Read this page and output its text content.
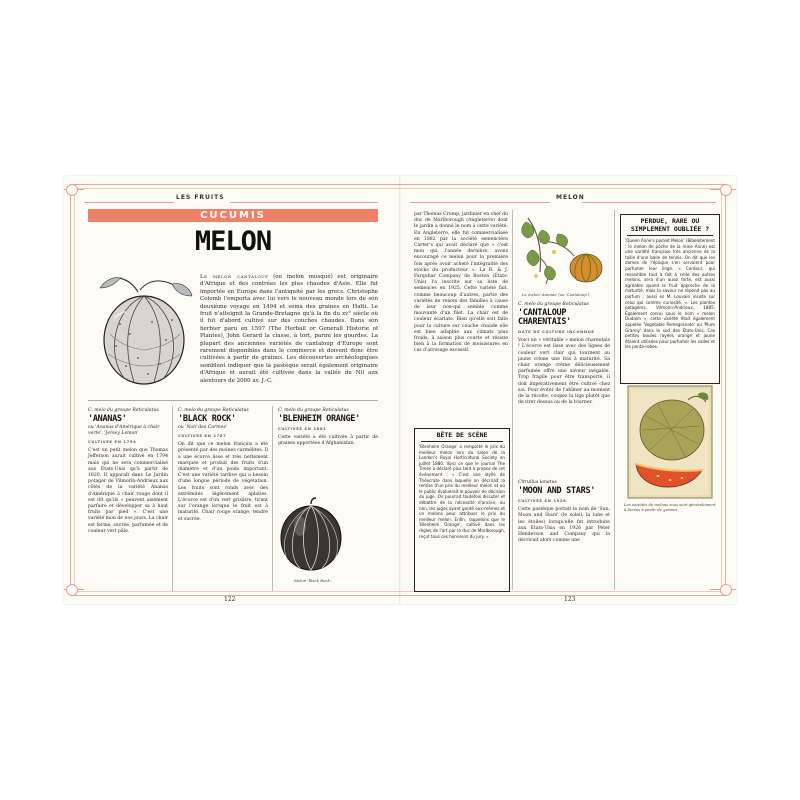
LES FRUITS
CUCUMIS
MELON
Le melon cantaloup (ou melon musqué) est originaire d'Afrique et des contrées les plus chaudes d'Asie. Elle fut importée en Europe dans l'antiquité par les grecs. Christophe Colomb l'emporta avec lui vers le nouveau monde lors de son deuxième voyage en 1494 et sema des graines en Haïti. Le fruit n'atteignit la Grande-Bretagne qu'à la fin du xv° siècle où il fut d'abord cultivé sur des couches chaudes. Dans son herbier paru en 1597 (The Herball or Generall Historie of Plantes), John Gerard la classe, à tort, parmi les gourdes. La plupart des anciennes variétés de cantaloup d'Europe sont rarement disponibles dans le commerce et doivent donc être cultivées à partir de graines. Les découvertes archéologiques semblent indiquer que la pastèque serait également originaire d'Afrique et aurait été cultivée dans la vallée du Nil aux alentours de 2000 av. J.-C.
C. melo du groupe Reticulatus
'ANANAS'
ou 'Ananas d'Amérique à chair verte', 'Jersey Lemon'
CULTIVÉE EN 1794

C'est un petit melon que Thomas Jefferson aurait cultivé en 1794 mais qui ne sera commercialisé aux États-Unis qu'à partir de 1820. Il apparaît dans Le Jardin potager de Vilmorin-Andrieux aux côtés de la variété Ananas d'Amérique à chair rouge dont il est dit qu'ils « peuvent aisément parfaire et développer sa à haut fruits par pied ». C'est une variété mon de nos jours. La chair est ferme, sucrée, parfumée et de couleur vert pâle.

C. melo du groupe Reticulatus
'BLACK ROCK'
ou 'Noir des Carmes'
CULTIVÉE EN 1787

On dit que ce melon français a été présenté par des moines carmélites. Il a une écorce lisse et très nettement marquée et produit des fruits d'un diamètre et d'un poids important. C'est une variété tardive qui a besoin d'une longue période de végétation. Les fruits sont ronds avec des extrémités légèrement aplaties. L'écorce est d'un vert grisâtre, tirant sur l'orange lorsque le fruit est à maturité. Chair rouge orange, tendre et sucrée.

C. melo du groupe Reticulatus
'BLENHEIM ORANGE'
CULTIVÉE EN 1881

Cette variété a été cultivée à partir de graines apportées d'Afghanistan.

Melon 'Black Rock'.
122
MELON

par Thomas Crump, jardinier en chef du duc de Marlborough (Angleterre) dont le jardin a donné le nom à cette variété. En Angleterre, elle fut commercialisée en 1882 par la société semencière Carter's qui avait déclaré que « c'est mon qui, l'année dernière, avons encouragé ce melon pour la première fois après avoir acheté l'intégralité des stocks du producteur ». La R. & J. Farquhar Company de Boston (États-Unis) l'a inscrite sur sa liste de semences en 1925. Cette variété fait, comme beaucoup d'autres, partie des variétés de renom des familles à cause de leur non-qui semble comme mouvante d'un filet. La chair est de couleur écarlate. Bien qu'elle soit faite pour la culture sur couche chaude elle est bien adaptée aux climats plus froids, à saison plus courte et résiste bien à la formation de moisissures en cas d'arrosage excessif.

BÊTE DE SCÈNE
'Blenheim Orange' a remporté le prix du meilleur melon lors du salon de la London's Royal Horticultural Society en juillet 1880. Voici ce que le journal The Times a déclaré plus tard à propos de cet événement : « C'est une idylle de Théocrate dans laquelle on décrirait la remise d'un prix du meilleur melon et où le public évaluerait le pouvoir de décision du juge. On pourrait toutefois discuter et débattre de la nécessité d'ancien, ou non, les juges ayant goûté eux-mêmes et un melons pour attribuer le prix du meilleur melon. Enfin, rappelons que le 'Blenheim Orange', cultivé dans les règles de l'art par le duc de Marlborough, reçut tous ces honneurs du jury. »
Le melon 'Ananas' (ou 'Cantaloup').
C. melo du groupe Reticulatus
'CANTALOUP CHARENTAIS'
DATE DE CULTURE INCONNUE

Voici un « véritable » melon charentais ! L'écorce est lisse avec des lignes de couleur vert clair qui tournent au jaune crème une fois à maturité. Sa chair orange crème délicieusement parfumée offre une saveur inégalée. Trop fragile pour être transporté, il doit impérativement être cultivé chez soi. Pour éviter de l'abîmer au moment de la récolte, coupez la tige plutôt que de tirer dessus ou de la tourner.

Citrullus lanatus
'MOON AND STARS'
CULTIVÉE EN 1926

Cette pastèque portait le nom de 'Sun, Moon and Stars' (le soleil, la lune et les étoiles) lorsqu'elle fut introduite aux États-Unis en 1926 par Peter Henderson and Company qui la décrivait alors comme une

PERDUE, RARE OU SIMPLEMENT OUBLIÉE ?
'Queen Anne's pocket Melon' (Bibelotement : le melon de poche de la reine Anne) est une variété française très ancienne de la taille d'une balle de tennis. On dit que les dames de l'époque s'en servaient pour parfumer leur linge. « Cordour, qui ressemble tout à fait à celle des autres melons, sera d'un aussi forte, est aussi agréable quand le fruit approche de la maturité, mais la saveur ne répond pas au parfum ; aussi es M. Louvain insiste sur celui qui comme curiosité. ». Les plantes potagères, Vilmorin-Andrieux, 1885. Également connu sous le nom « melon Dudaim », cette variété était également appelée 'Vegetable Pomegranate' ou 'Plum Granny' dans le sud des États-Unis. Ces petites boules rayées orange et jaune étaient utilisées pour parfumer les salles et les penta-robes.
Les variétés de melons sous sont généralement à livrées à partir de graines.
123
